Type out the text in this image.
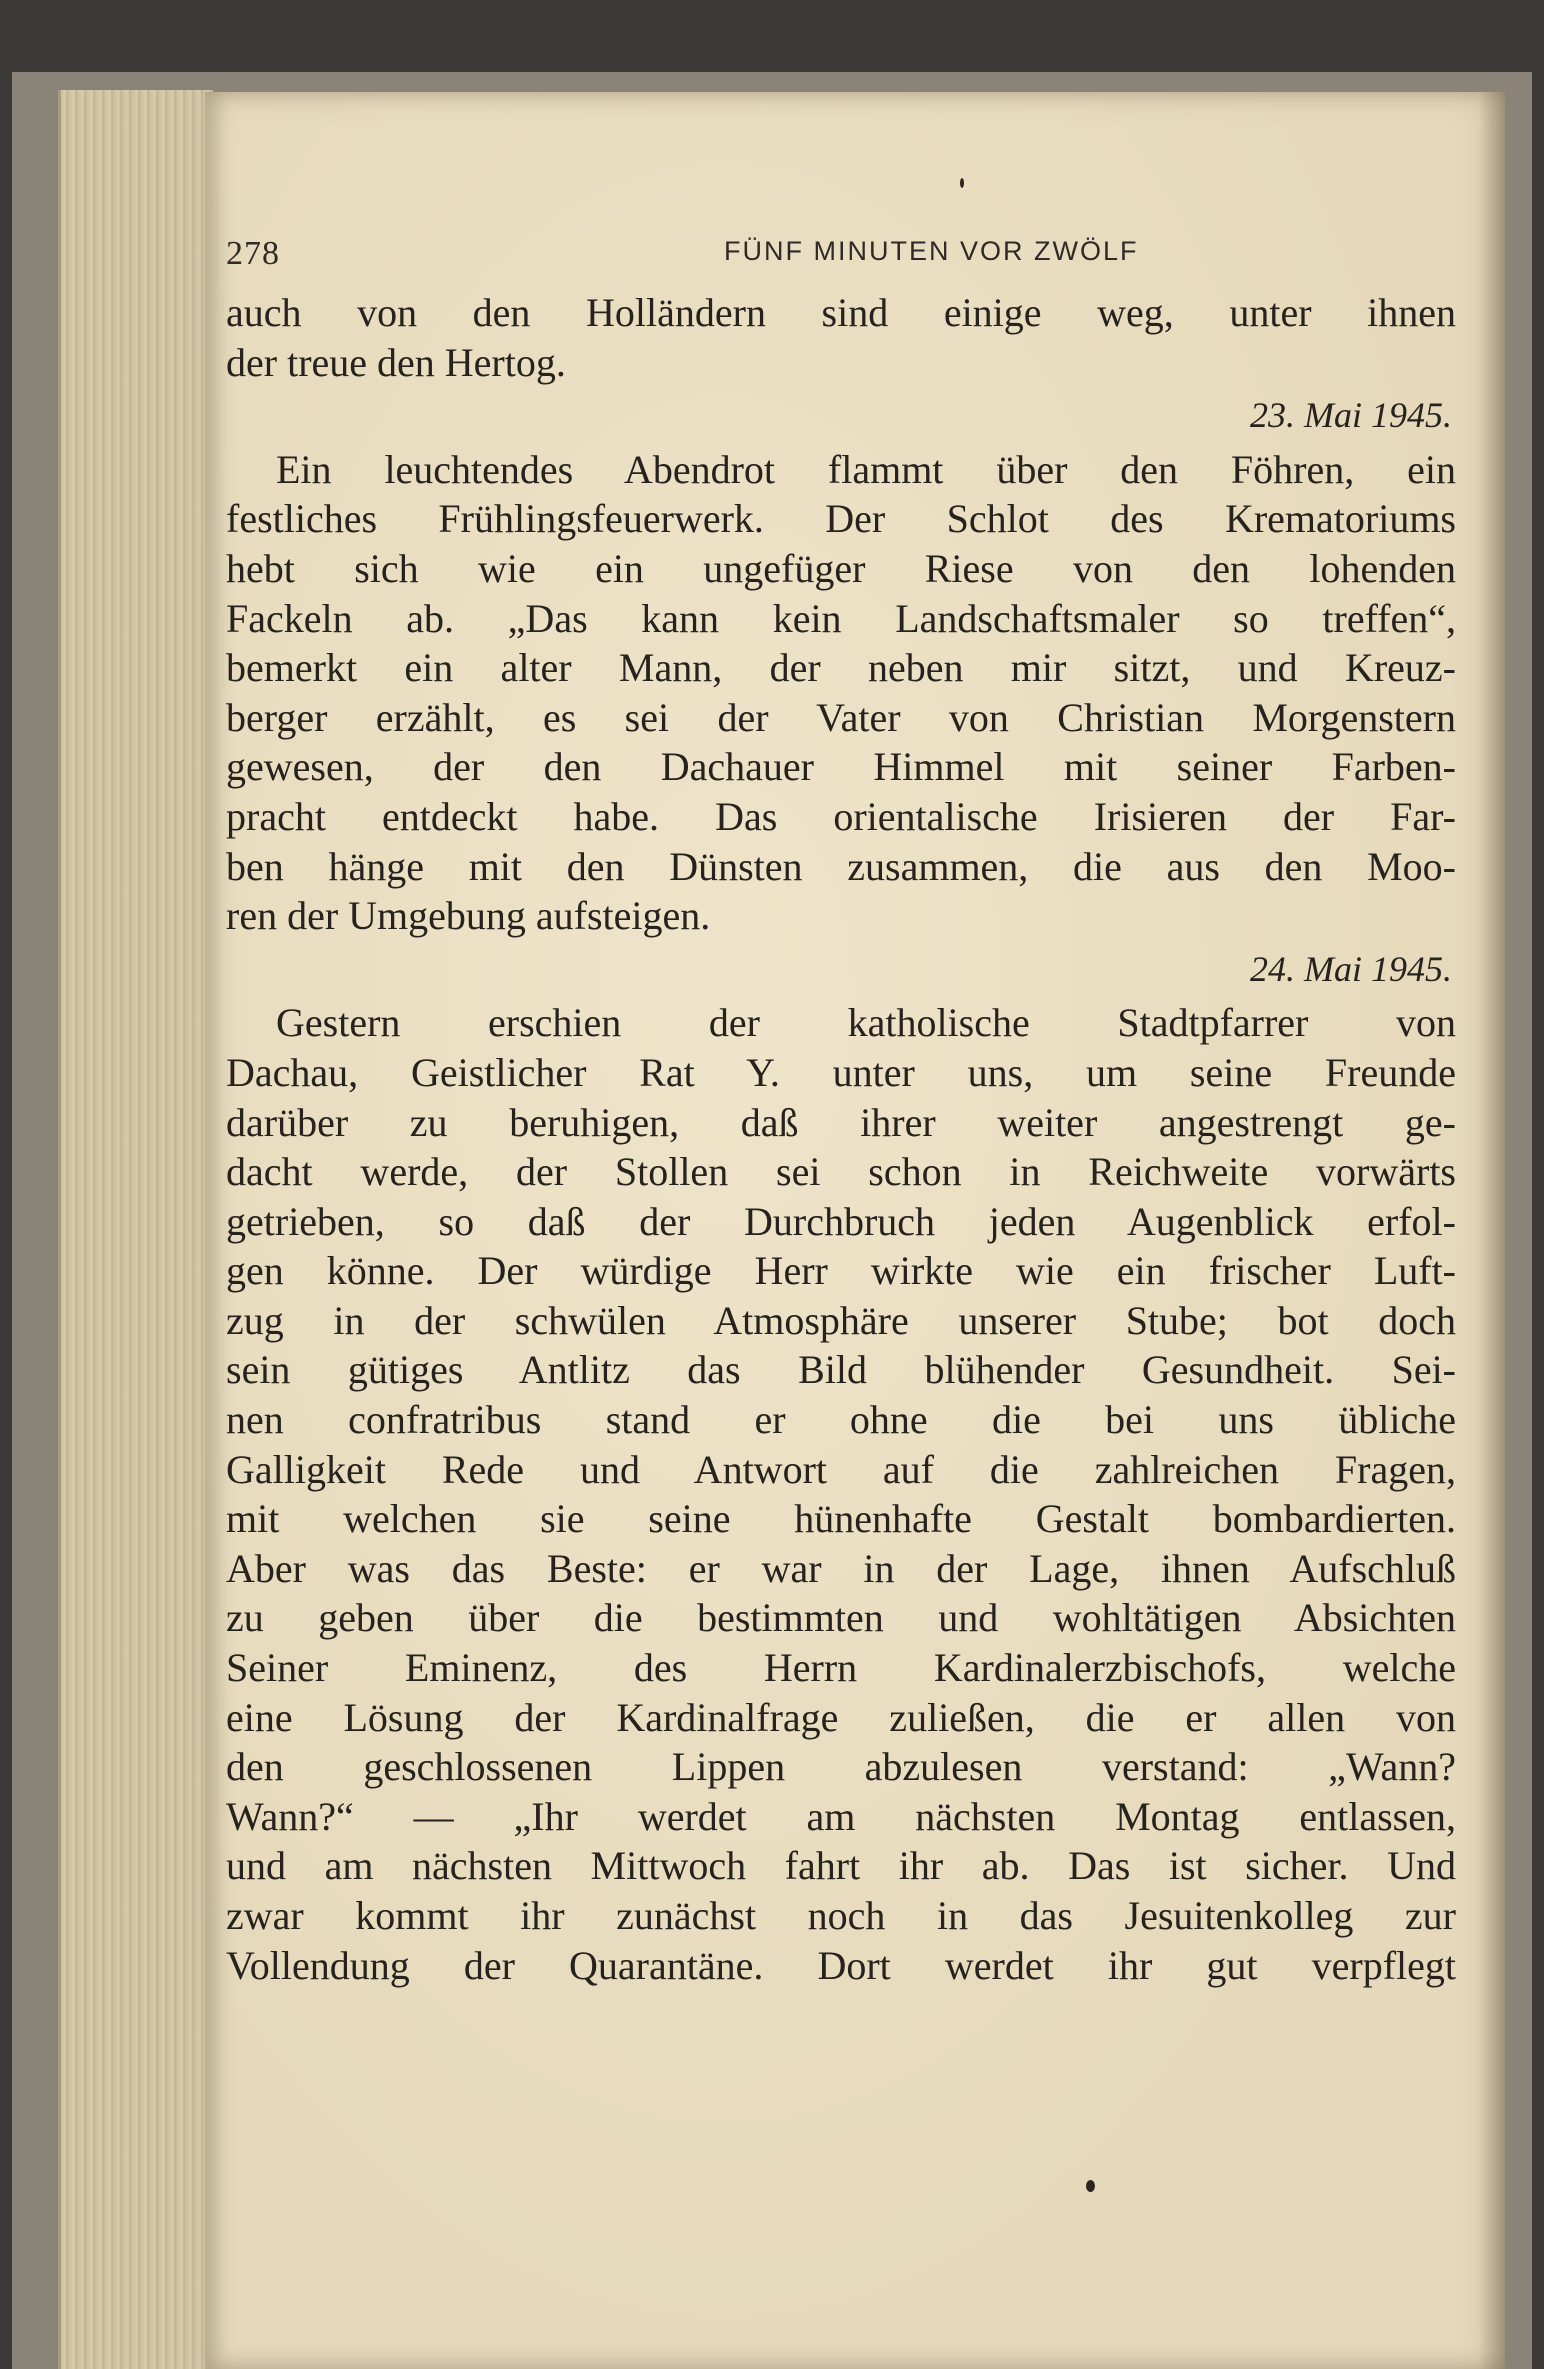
278	FÜNF MINUTEN VOR ZWÖLF
auch von den Holländern sind einige weg, unter ihnen
der treue den Hertog.
23. Mai 1945.
Ein leuchtendes Abendrot flammt über den Föhren, ein
festliches Frühlingsfeuerwerk. Der Schlot des Krematoriums
hebt sich wie ein ungefüger Riese von den lohenden
Fackeln ab. „Das kann kein Landschaftsmaler so treffen“,
bemerkt ein alter Mann, der neben mir sitzt, und Kreuz-
berger erzählt, es sei der Vater von Christian Morgenstern
gewesen, der den Dachauer Himmel mit seiner Farben-
pracht entdeckt habe. Das orientalische Irisieren der Far-
ben hänge mit den Dünsten zusammen, die aus den Moo-
ren der Umgebung aufsteigen.
24. Mai 1945.
Gestern erschien der katholische Stadtpfarrer von
Dachau, Geistlicher Rat Y. unter uns, um seine Freunde
darüber zu beruhigen, daß ihrer weiter angestrengt ge-
dacht werde, der Stollen sei schon in Reichweite vorwärts
getrieben, so daß der Durchbruch jeden Augenblick erfol-
gen könne. Der würdige Herr wirkte wie ein frischer Luft-
zug in der schwülen Atmosphäre unserer Stube; bot doch
sein gütiges Antlitz das Bild blühender Gesundheit. Sei-
nen confratribus stand er ohne die bei uns übliche
Galligkeit Rede und Antwort auf die zahlreichen Fragen,
mit welchen sie seine hünenhafte Gestalt bombardierten.
Aber was das Beste: er war in der Lage, ihnen Aufschluß
zu geben über die bestimmten und wohltätigen Absichten
Seiner Eminenz, des Herrn Kardinalerzbischofs, welche
eine Lösung der Kardinalfrage zuließen, die er allen von
den geschlossenen Lippen abzulesen verstand: „Wann?
Wann?“ — „Ihr werdet am nächsten Montag entlassen,
und am nächsten Mittwoch fahrt ihr ab. Das ist sicher. Und
zwar kommt ihr zunächst noch in das Jesuitenkolleg zur
Vollendung der Quarantäne. Dort werdet ihr gut verpflegt
